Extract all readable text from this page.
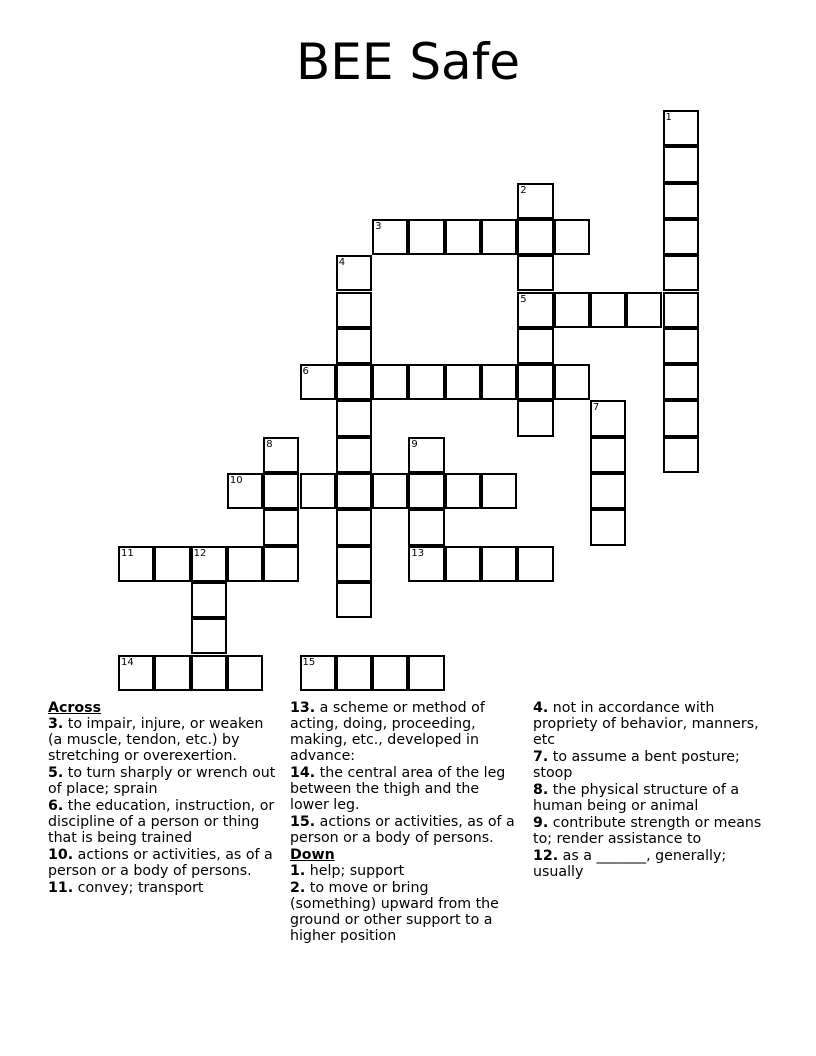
BEE Safe
1
2
3
4
5
6
7
8	9
10
11	12	13
14	15
Across
3. to impair, injure, or weaken (a muscle, tendon, etc.) by stretching or overexertion.
5. to turn sharply or wrench out of place; sprain
6. the education, instruction, or discipline of a person or thing that is being trained
10. actions or activities, as of a person or a body of persons.
11. convey; transport
13. a scheme or method of acting, doing, proceeding, making, etc., developed in advance:
14. the central area of the leg between the thigh and the lower leg.
15. actions or activities, as of a person or a body of persons.
Down
1. help; support
2. to move or bring (something) upward from the ground or other support to a higher position
4. not in accordance with propriety of behavior, manners, etc
7. to assume a bent posture; stoop
8. the physical structure of a human being or animal
9. contribute strength or means to; render assistance to
12. as a _______, generally; usually
